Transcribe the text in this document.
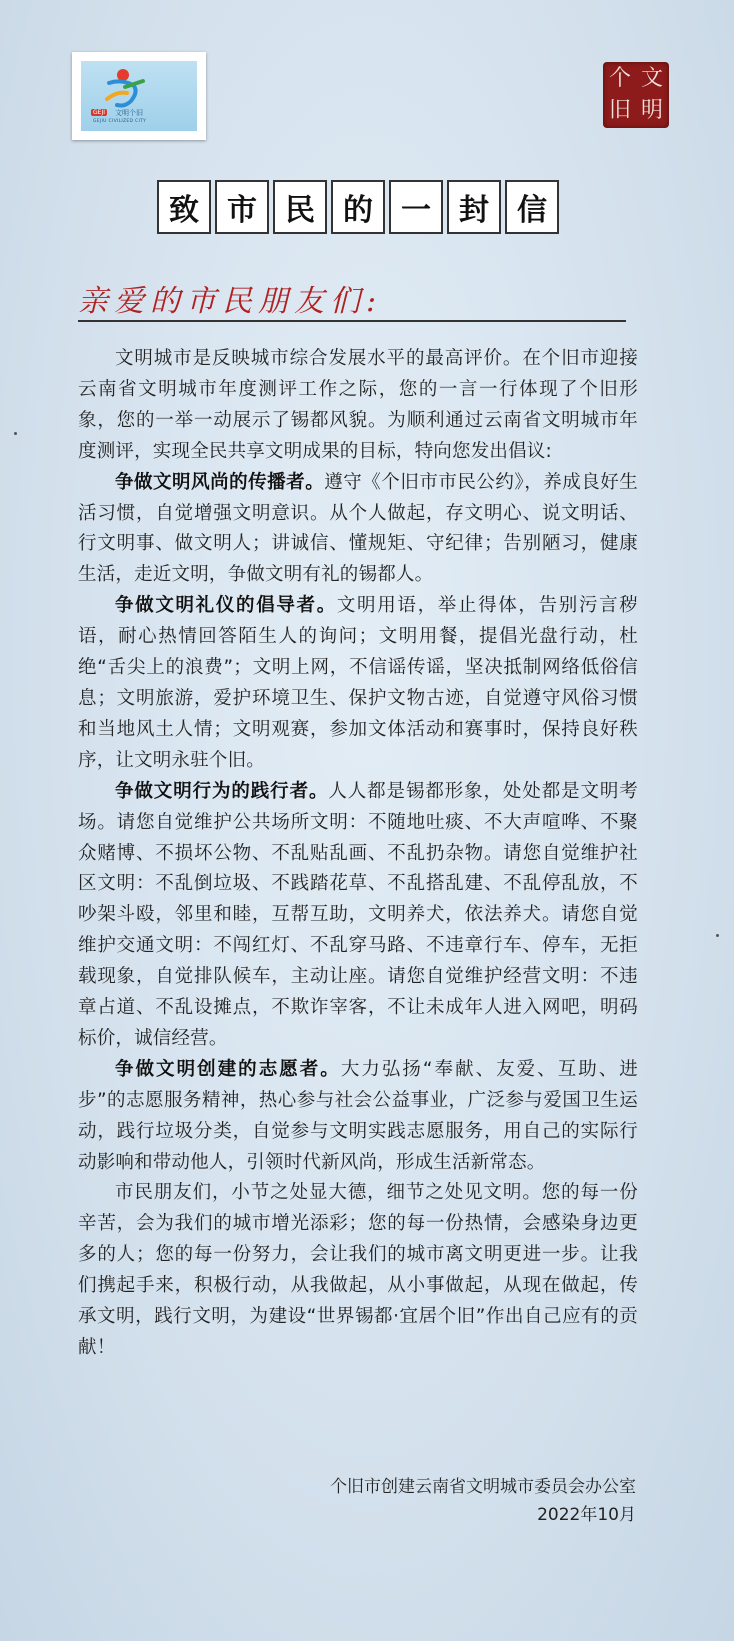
GEJI 文明个旧
GEJIU CIVILIZED CITY
文
明
个
旧
致 市 民 的 一 封 信
亲爱的市民朋友们:

文明城市是反映城市综合发展水平的最高评价。在个旧市迎接云南省文明城市年度测评工作之际，您的一言一行体现了个旧形象，您的一举一动展示了锡都风貌。为顺利通过云南省文明城市年度测评，实现全民共享文明成果的目标，特向您发出倡议:

争做文明风尚的传播者。遵守《个旧市市民公约》，养成良好生活习惯，自觉增强文明意识。从个人做起，存文明心、说文明话、行文明事、做文明人；讲诚信、懂规矩、守纪律；告别陋习，健康生活，走近文明，争做文明有礼的锡都人。

争做文明礼仪的倡导者。文明用语，举止得体，告别污言秽语，耐心热情回答陌生人的询问；文明用餐，提倡光盘行动，杜绝“舌尖上的浪费”；文明上网，不信谣传谣，坚决抵制网络低俗信息；文明旅游，爱护环境卫生、保护文物古迹，自觉遵守风俗习惯和当地风土人情；文明观赛，参加文体活动和赛事时，保持良好秩序，让文明永驻个旧。

争做文明行为的践行者。人人都是锡都形象，处处都是文明考场。请您自觉维护公共场所文明：不随地吐痰、不大声喧哗、不聚众赌博、不损坏公物、不乱贴乱画、不乱扔杂物。请您自觉维护社区文明：不乱倒垃圾、不践踏花草、不乱搭乱建、不乱停乱放，不吵架斗殴，邻里和睦，互帮互助，文明养犬，依法养犬。请您自觉维护交通文明：不闯红灯、不乱穿马路、不违章行车、停车，无拒载现象，自觉排队候车，主动让座。请您自觉维护经营文明：不违章占道、不乱设摊点，不欺诈宰客，不让未成年人进入网吧，明码标价，诚信经营。

争做文明创建的志愿者。大力弘扬“奉献、友爱、互助、进步”的志愿服务精神，热心参与社会公益事业，广泛参与爱国卫生运动，践行垃圾分类，自觉参与文明实践志愿服务，用自己的实际行动影响和带动他人，引领时代新风尚，形成生活新常态。

市民朋友们，小节之处显大德，细节之处见文明。您的每一份辛苦，会为我们的城市增光添彩；您的每一份热情，会感染身边更多的人；您的每一份努力，会让我们的城市离文明更进一步。让我们携起手来，积极行动，从我做起，从小事做起，从现在做起，传承文明，践行文明，为建设“世界锡都·宜居个旧”作出自己应有的贡献！

个旧市创建云南省文明城市委员会办公室
2022年10月
